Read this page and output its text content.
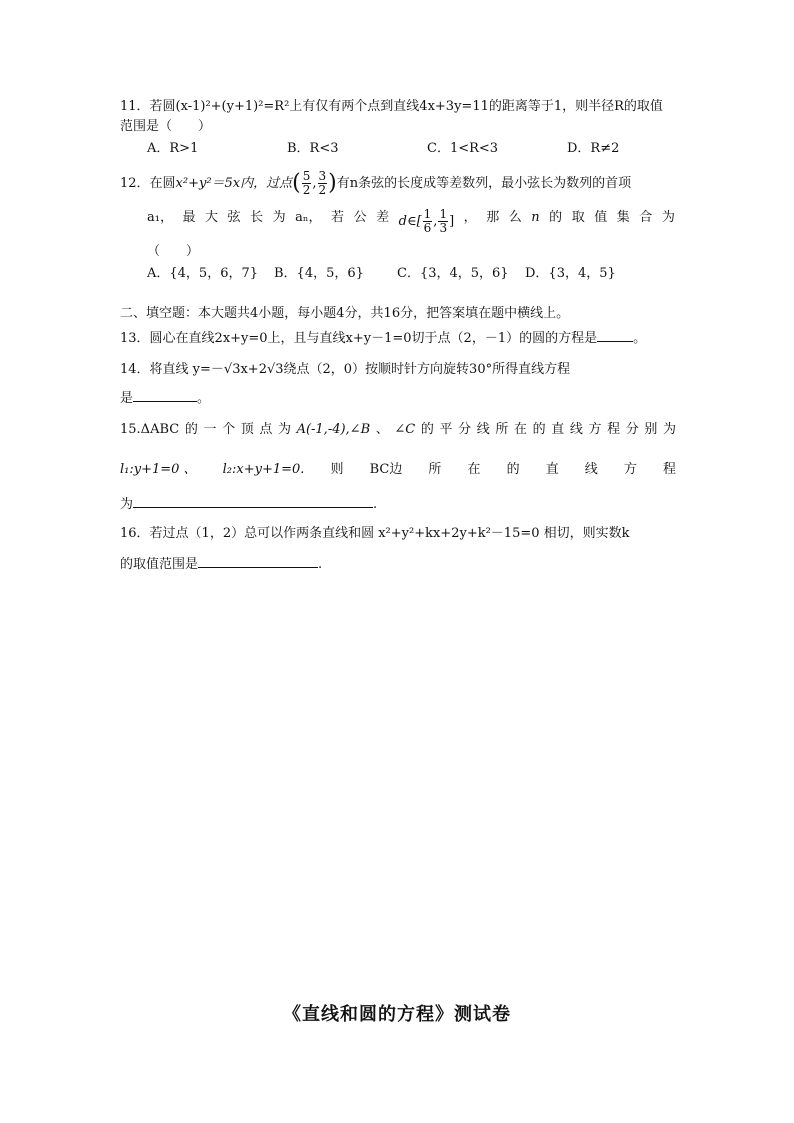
11．若圆(x-1)²+(y+1)²=R²上有仅有两个点到直线4x+3y=11的距离等于1，则半径R的取值
范围是（　　）
A．R>1	B．R<3	C．1<R<3	D．R≠2
12．在圆x²+y²＝5x内，过点( $\frac{5}{2}$ , $\frac{3}{2}$ )有n条弦的长度成等差数列，最小弦长为数列的首项
a₁， 最 大 弦 长 为 aₙ， 若 公 差 d∈[ $\frac{1}{6}$ , $\frac{1}{3}$ ] ， 那 么 n 的 取 值 集 合 为
（　　）
A．{4，5，6，7} B．{4，5，6}	C．{3，4，5，6} D．{3，4，5}
二、填空题：本大题共4小题，每小题4分，共16分，把答案填在题中横线上。
13．圆心在直线2x+y=0上，且与直线x+y－1=0切于点（2，－1）的圆的方程是	。
14．将直线 y=－√3x+2√3绕点（2，0）按顺时针方向旋转30°所得直线方程
是	。
15.ΔABC 的 一 个 顶 点 为 A(-1,-4),∠B 、 ∠C 的 平 分 线 所 在 的 直 线 方 程 分 别 为
l₁:y+1=0 、 l₂:x+y+1=0. 则 BC边 所 在 的 直 线 方 程
为	.
16．若过点（1，2）总可以作两条直线和圆 x²+y²+kx+2y+k²－15=0 相切，则实数k
的取值范围是	.
《直线和圆的方程》测试卷
